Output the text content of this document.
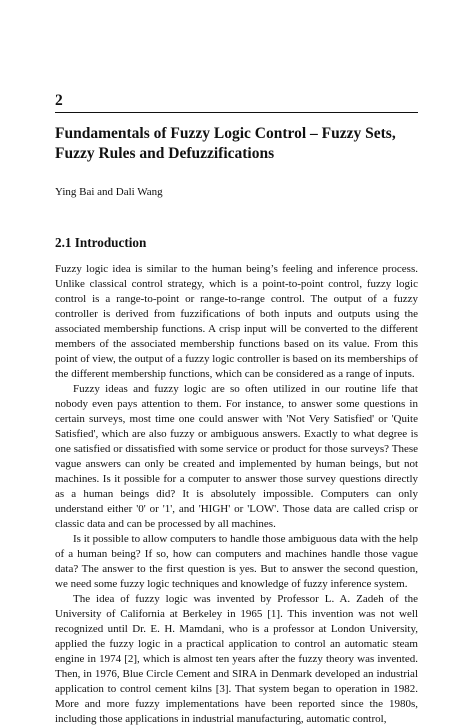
2
Fundamentals of Fuzzy Logic Control – Fuzzy Sets, Fuzzy Rules and Defuzzifications
Ying Bai and Dali Wang
2.1 Introduction

Fuzzy logic idea is similar to the human being’s feeling and inference process. Unlike classical control strategy, which is a point-to-point control, fuzzy logic control is a range-to-point or range-to-range control. The output of a fuzzy controller is derived from fuzzifications of both inputs and outputs using the associated membership functions. A crisp input will be converted to the different members of the associated membership functions based on its value. From this point of view, the output of a fuzzy logic controller is based on its memberships of the different membership functions, which can be considered as a range of inputs.

Fuzzy ideas and fuzzy logic are so often utilized in our routine life that nobody even pays attention to them. For instance, to answer some questions in certain surveys, most time one could answer with 'Not Very Satisfied' or 'Quite Satisfied', which are also fuzzy or ambiguous answers. Exactly to what degree is one satisfied or dissatisfied with some service or product for those surveys? These vague answers can only be created and implemented by human beings, but not machines. Is it possible for a computer to answer those survey questions directly as a human beings did? It is absolutely impossible. Computers can only understand either '0' or '1', and 'HIGH' or 'LOW'. Those data are called crisp or classic data and can be processed by all machines.

Is it possible to allow computers to handle those ambiguous data with the help of a human being? If so, how can computers and machines handle those vague data? The answer to the first question is yes. But to answer the second question, we need some fuzzy logic techniques and knowledge of fuzzy inference system.

The idea of fuzzy logic was invented by Professor L. A. Zadeh of the University of California at Berkeley in 1965 [1]. This invention was not well recognized until Dr. E. H. Mamdani, who is a professor at London University, applied the fuzzy logic in a practical application to control an automatic steam engine in 1974 [2], which is almost ten years after the fuzzy theory was invented. Then, in 1976, Blue Circle Cement and SIRA in Denmark developed an industrial application to control cement kilns [3]. That system began to operation in 1982. More and more fuzzy implementations have been reported since the 1980s, including those applications in industrial manufacturing, automatic control,
